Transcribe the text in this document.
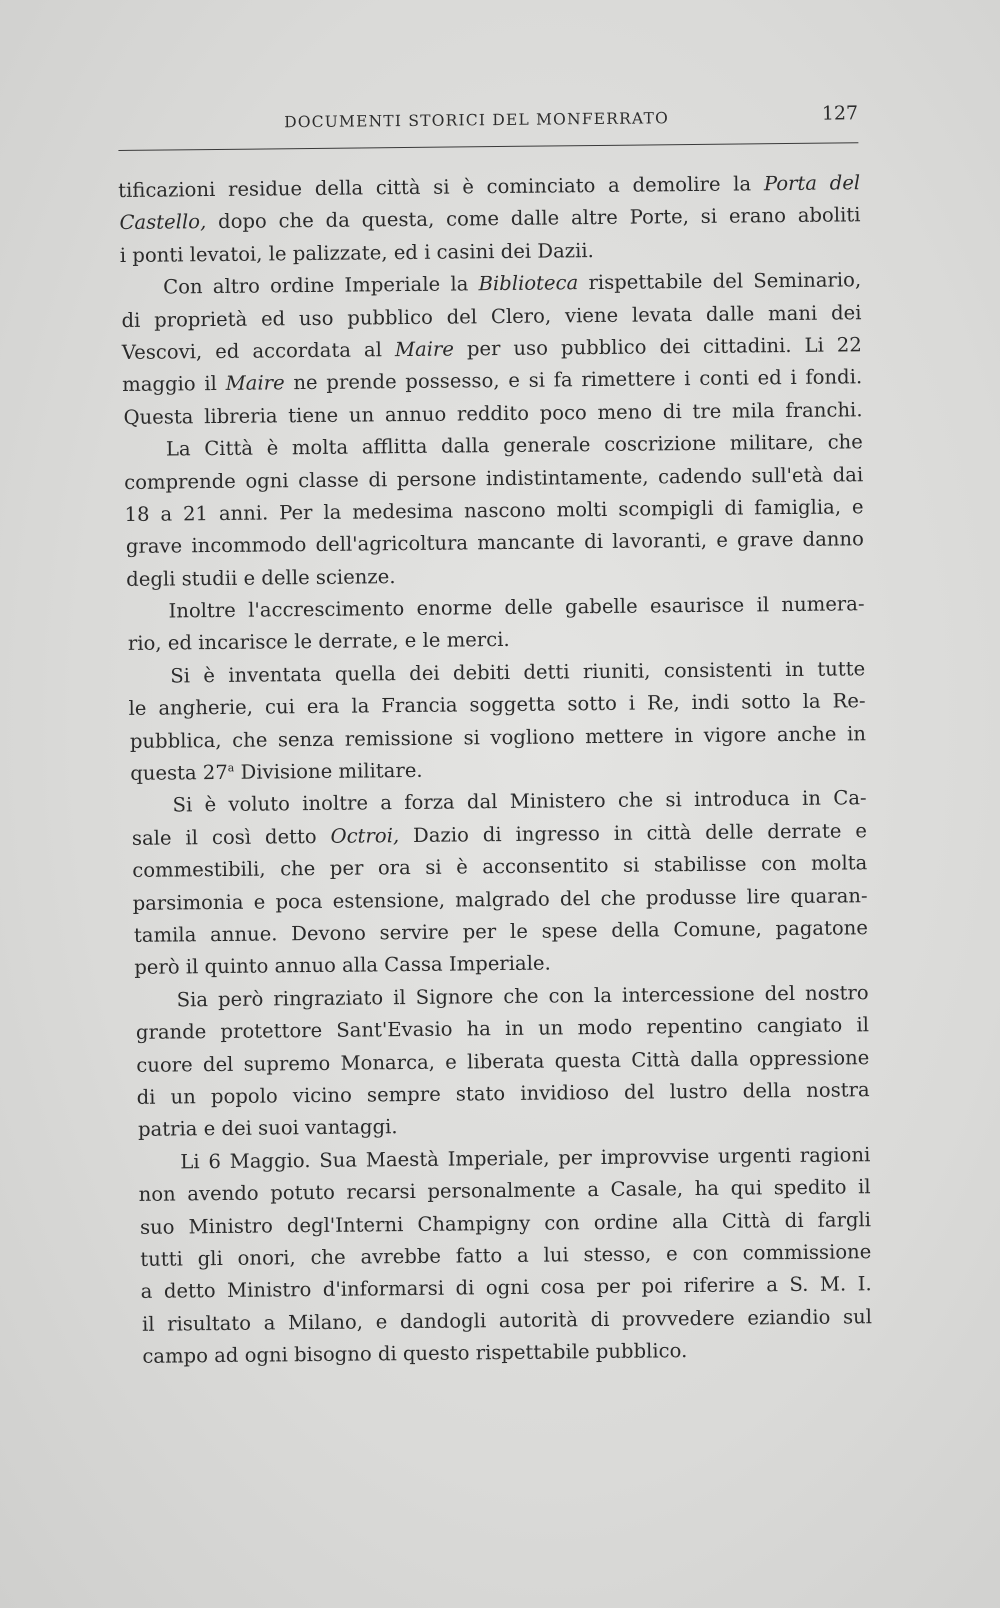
DOCUMENTI STORICI DEL MONFERRATO	127
tificazioni residue della città si è cominciato a demolire la Porta del
Castello, dopo che da questa, come dalle altre Porte, si erano aboliti
i ponti levatoi, le palizzate, ed i casini dei Dazii.
Con altro ordine Imperiale la Biblioteca rispettabile del Seminario,
di proprietà ed uso pubblico del Clero, viene levata dalle mani dei
Vescovi, ed accordata al Maire per uso pubblico dei cittadini. Li 22
maggio il Maire ne prende possesso, e si fa rimettere i conti ed i fondi.
Questa libreria tiene un annuo reddito poco meno di tre mila franchi.
La Città è molta afflitta dalla generale coscrizione militare, che
comprende ogni classe di persone indistintamente, cadendo sull'età dai
18 a 21 anni. Per la medesima nascono molti scompigli di famiglia, e
grave incommodo dell'agricoltura mancante di lavoranti, e grave danno
degli studii e delle scienze.
Inoltre l'accrescimento enorme delle gabelle esaurisce il numera-
rio, ed incarisce le derrate, e le merci.
Si è inventata quella dei debiti detti riuniti, consistenti in tutte
le angherie, cui era la Francia soggetta sotto i Re, indi sotto la Re-
pubblica, che senza remissione si vogliono mettere in vigore anche in
questa 27$^a$ Divisione militare.
Si è voluto inoltre a forza dal Ministero che si introduca in Ca-
sale il così detto Octroi, Dazio di ingresso in città delle derrate e
commestibili, che per ora si è acconsentito si stabilisse con molta
parsimonia e poca estensione, malgrado del che produsse lire quaran-
tamila annue. Devono servire per le spese della Comune, pagatone
però il quinto annuo alla Cassa Imperiale.
Sia però ringraziato il Signore che con la intercessione del nostro
grande protettore Sant'Evasio ha in un modo repentino cangiato il
cuore del supremo Monarca, e liberata questa Città dalla oppressione
di un popolo vicino sempre stato invidioso del lustro della nostra
patria e dei suoi vantaggi.
Li 6 Maggio. Sua Maestà Imperiale, per improvvise urgenti ragioni
non avendo potuto recarsi personalmente a Casale, ha qui spedito il
suo Ministro degl'Interni Champigny con ordine alla Città di fargli
tutti gli onori, che avrebbe fatto a lui stesso, e con commissione
a detto Ministro d'informarsi di ogni cosa per poi riferire a S. M. I.
il risultato a Milano, e dandogli autorità di provvedere eziandio sul
campo ad ogni bisogno di questo rispettabile pubblico.
